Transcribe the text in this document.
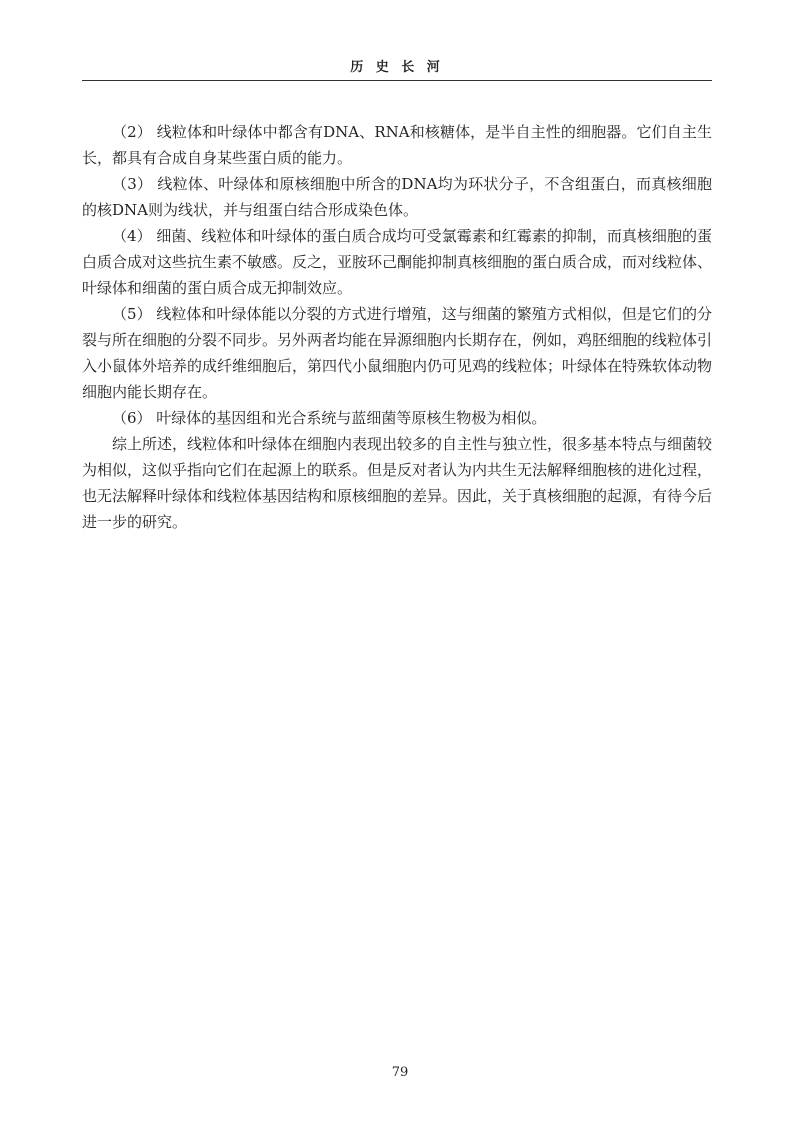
历 史 长 河

（2） 线粒体和叶绿体中都含有DNA、RNA和核糖体，是半自主性的细胞器。它们自主生长，都具有合成自身某些蛋白质的能力。

（3） 线粒体、叶绿体和原核细胞中所含的DNA均为环状分子，不含组蛋白，而真核细胞的核DNA则为线状，并与组蛋白结合形成染色体。

（4） 细菌、线粒体和叶绿体的蛋白质合成均可受氯霉素和红霉素的抑制，而真核细胞的蛋白质合成对这些抗生素不敏感。反之，亚胺环己酮能抑制真核细胞的蛋白质合成，而对线粒体、叶绿体和细菌的蛋白质合成无抑制效应。

（5） 线粒体和叶绿体能以分裂的方式进行增殖，这与细菌的繁殖方式相似，但是它们的分裂与所在细胞的分裂不同步。另外两者均能在异源细胞内长期存在，例如，鸡胚细胞的线粒体引入小鼠体外培养的成纤维细胞后，第四代小鼠细胞内仍可见鸡的线粒体；叶绿体在特殊软体动物细胞内能长期存在。

（6） 叶绿体的基因组和光合系统与蓝细菌等原核生物极为相似。

综上所述，线粒体和叶绿体在细胞内表现出较多的自主性与独立性，很多基本特点与细菌较为相似，这似乎指向它们在起源上的联系。但是反对者认为内共生无法解释细胞核的进化过程，也无法解释叶绿体和线粒体基因结构和原核细胞的差异。因此，关于真核细胞的起源，有待今后进一步的研究。

79
